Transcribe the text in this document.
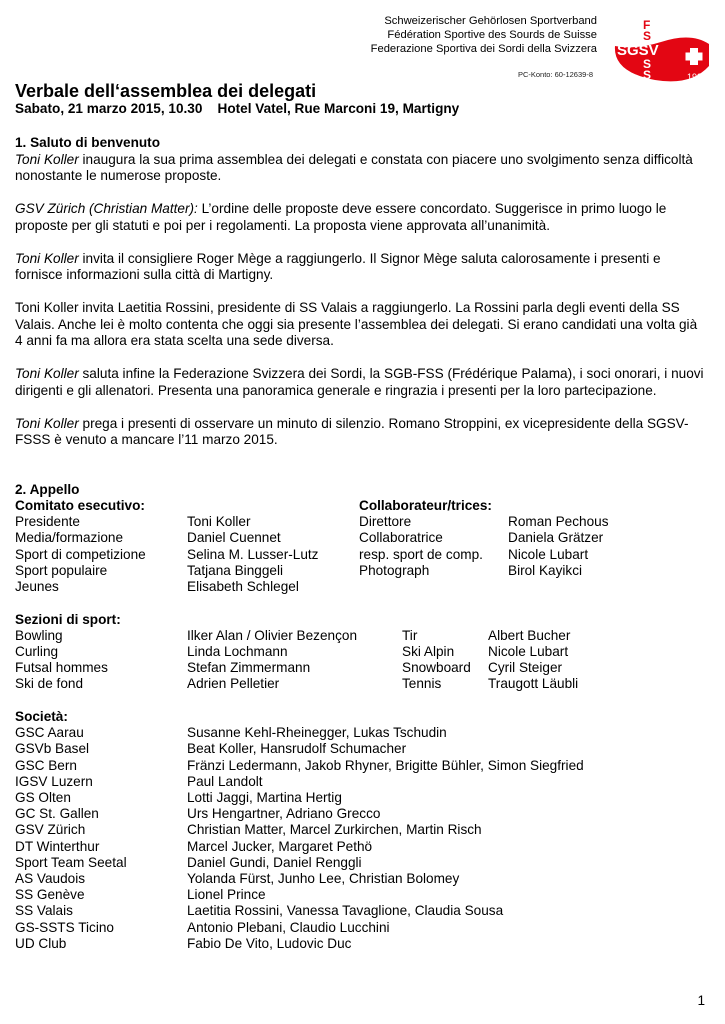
Schweizerischer Gehörlosen Sportverband
Fédération Sportive des Sourds de Suisse
Federazione Sportiva dei Sordi della Svizzera
PC-Konto: 60-12639-8
F
S
SGSV
S
S	1930
Verbale dell‘assemblea dei delegati
Sabato, 21 marzo 2015, 10.30    Hotel Vatel, Rue Marconi 19, Martigny
1. Saluto di benvenuto

Toni Koller inaugura la sua prima assemblea dei delegati e constata con piacere uno svolgimento senza difficoltà nonostante le numerose proposte.

GSV Zürich (Christian Matter): L’ordine delle proposte deve essere concordato. Suggerisce in primo luogo le proposte per gli statuti e poi per i regolamenti. La proposta viene approvata all’unanimità.

Toni Koller invita il consigliere Roger Mège a raggiungerlo. Il Signor Mège saluta calorosamente i presenti e fornisce informazioni sulla città di Martigny.

Toni Koller invita Laetitia Rossini, presidente di SS Valais a raggiungerlo. La Rossini parla degli eventi della SS Valais. Anche lei è molto contenta che oggi sia presente l’assemblea dei delegati. Si erano candidati una volta già 4 anni fa ma allora era stata scelta una sede diversa.

Toni Koller saluta infine la Federazione Svizzera dei Sordi, la SGB-FSS (Frédérique Palama), i soci onorari, i nuovi dirigenti e gli allenatori. Presenta una panoramica generale e ringrazia i presenti per la loro partecipazione.

Toni Koller prega i presenti di osservare un minuto di silenzio. Romano Stroppini, ex vicepresidente della SGSV-FSSS è venuto a mancare l’11 marzo 2015.

2. Appello
Comitato esecutivo:	Collaborateur/trices:
Presidente	Toni Koller	Direttore	Roman Pechous
Media/formazione	Daniel Cuennet	Collaboratrice	Daniela Grätzer
Sport di competizione	Selina M. Lusser-Lutz	resp. sport de comp. Nicole Lubart
Sport populaire	Tatjana Binggeli	Photograph	Birol Kayikci
Jeunes	Elisabeth Schlegel
Sezioni di sport:
Bowling	Ilker Alan / Olivier Bezençon	Tir	Albert Bucher
Curling	Linda Lochmann	Ski Alpin Nicole Lubart
Futsal hommes	Stefan Zimmermann	Snowboard Cyril Steiger
Ski de fond	Adrien Pelletier	Tennis	Traugott Läubli
Società:
GSC Aarau	Susanne Kehl-Rheinegger, Lukas Tschudin
GSVb Basel	Beat Koller, Hansrudolf Schumacher
GSC Bern	Fränzi Ledermann, Jakob Rhyner, Brigitte Bühler, Simon Siegfried
IGSV Luzern	Paul Landolt
GS Olten	Lotti Jaggi, Martina Hertig
GC St. Gallen	Urs Hengartner, Adriano Grecco
GSV Zürich	Christian Matter, Marcel Zurkirchen, Martin Risch
DT Winterthur	Marcel Jucker, Margaret Pethö
Sport Team Seetal	Daniel Gundi, Daniel Renggli
AS Vaudois	Yolanda Fürst, Junho Lee, Christian Bolomey
SS Genève	Lionel Prince
SS Valais	Laetitia Rossini, Vanessa Tavaglione, Claudia Sousa
GS-SSTS Ticino	Antonio Plebani, Claudio Lucchini
UD Club	Fabio De Vito, Ludovic Duc
1
